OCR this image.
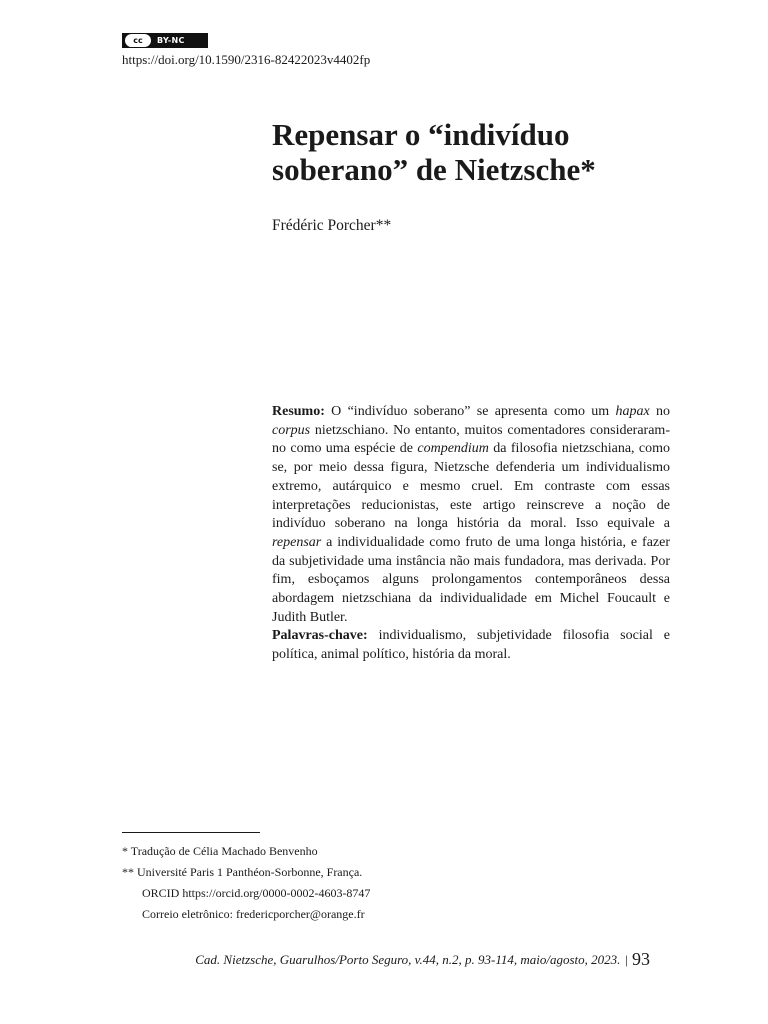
cc	BY-NC
https://doi.org/10.1590/2316-82422023v4402fp
Repensar o “indivíduo
soberano” de Nietzsche*
Frédéric Porcher**

Resumo: O “indivíduo soberano” se apresenta como um hapax no corpus nietzschiano. No entanto, muitos comentadores consideraram-no como uma espécie de compendium da filosofia nietzschiana, como se, por meio dessa figura, Nietzsche defenderia um individualismo extremo, autárquico e mesmo cruel. Em contraste com essas interpretações reducionistas, este artigo reinscreve a noção de indivíduo soberano na longa história da moral. Isso equivale a repensar a individualidade como fruto de uma longa história, e fazer da subjetividade uma instância não mais fundadora, mas derivada. Por fim, esboçamos alguns prolongamentos contemporâneos dessa abordagem nietzschiana da individualidade em Michel Foucault e Judith Butler.

Palavras-chave: individualismo, subjetividade filosofia social e política, animal político, história da moral.

* Tradução de Célia Machado Benvenho
** Université Paris 1 Panthéon-Sorbonne, França.
ORCID https://orcid.org/0000-0002-4603-8747
Correio eletrônico: fredericporcher@orange.fr
Cad. Nietzsche, Guarulhos/Porto Seguro, v.44, n.2, p. 93-114, maio/agosto, 2023. | 93
